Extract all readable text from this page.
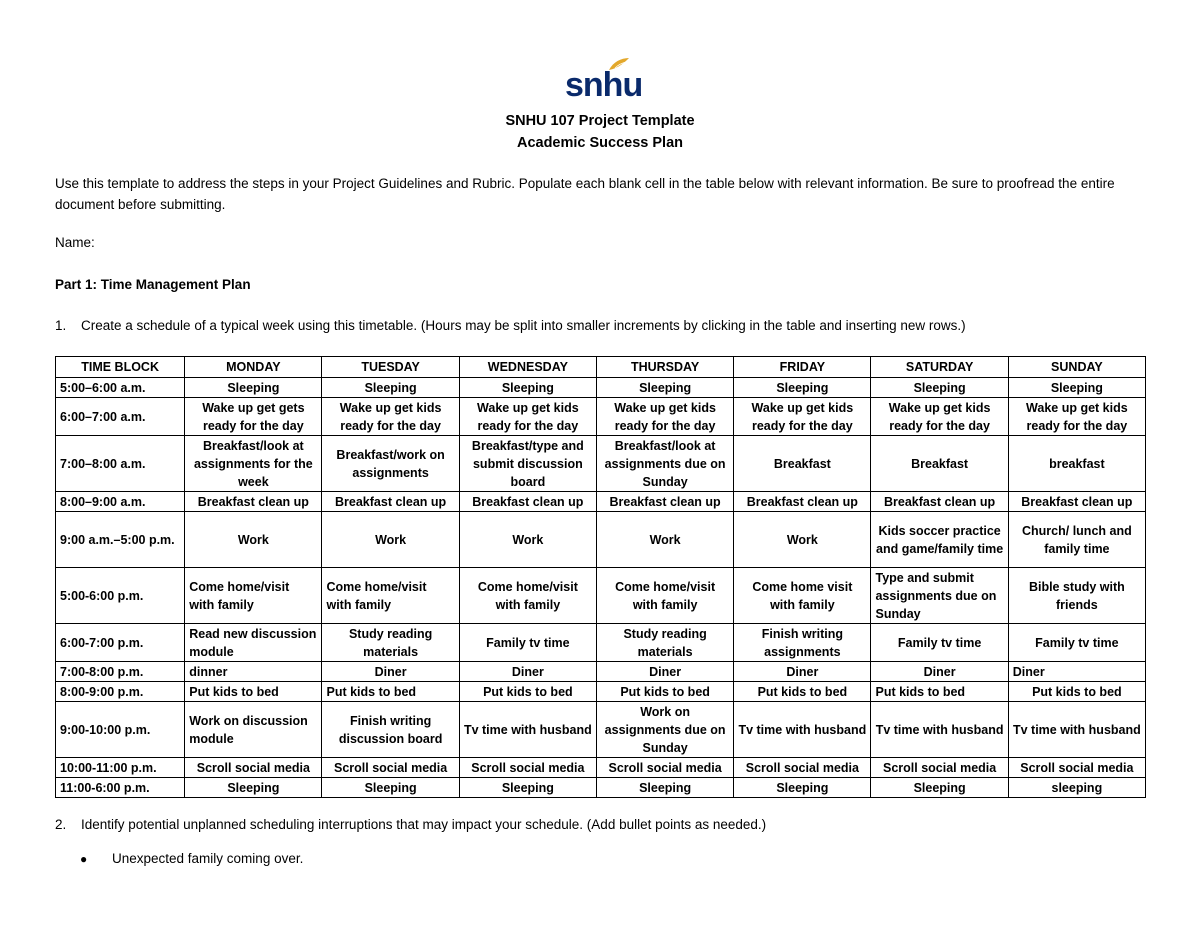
snhu
SNHU 107 Project Template
Academic Success Plan
Use this template to address the steps in your Project Guidelines and Rubric. Populate each blank cell in the table below with relevant information. Be sure to proofread the entire document before submitting.
Name:
Part 1: Time Management Plan
1. Create a schedule of a typical week using this timetable. (Hours may be split into smaller increments by clicking in the table and inserting new rows.)
TIME BLOCK	MONDAY	TUESDAY	WEDNESDAY	THURSDAY	FRIDAY	SATURDAY	SUNDAY
5:00–6:00 a.m.	Sleeping	Sleeping	Sleeping	Sleeping	Sleeping	Sleeping	Sleeping
6:00–7:00 a.m.	Wake up get gets ready for the day	Wake up get kids ready for the day	Wake up get kids ready for the day	Wake up get kids ready for the day	Wake up get kids ready for the day	Wake up get kids ready for the day	Wake up get kids ready for the day
7:00–8:00 a.m.	Breakfast/look at assignments for the week	Breakfast/work on assignments	Breakfast/type and submit discussion board	Breakfast/look at assignments due on Sunday	Breakfast	Breakfast	breakfast
8:00–9:00 a.m.	Breakfast clean up	Breakfast clean up	Breakfast clean up	Breakfast clean up	Breakfast clean up	Breakfast clean up	Breakfast clean up
9:00 a.m.–5:00 p.m.	Work	Work	Work	Work	Work	Kids soccer practice and game/family time	Church/ lunch and family time
5:00-6:00 p.m.	Come home/visit with family	Come home/visit with family	Come home/visit with family	Come home/visit with family	Come home visit with family	Type and submit assignments due on Sunday	Bible study with friends
6:00-7:00 p.m.	Read new discussion module	Study reading materials	Family tv time	Study reading materials	Finish writing assignments	Family tv time	Family tv time
7:00-8:00 p.m.	dinner	Diner	Diner	Diner	Diner	Diner	Diner
8:00-9:00 p.m.	Put kids to bed	Put kids to bed	Put kids to bed	Put kids to bed	Put kids to bed	Put kids to bed	Put kids to bed
9:00-10:00 p.m.	Work on discussion module	Finish writing discussion board	Tv time with husband	Work on assignments due on Sunday	Tv time with husband	Tv time with husband	Tv time with husband
10:00-11:00 p.m.	Scroll social media	Scroll social media	Scroll social media	Scroll social media	Scroll social media	Scroll social media	Scroll social media
11:00-6:00 p.m.	Sleeping	Sleeping	Sleeping	Sleeping	Sleeping	Sleeping	sleeping
2. Identify potential unplanned scheduling interruptions that may impact your schedule. (Add bullet points as needed.)
● Unexpected family coming over.
